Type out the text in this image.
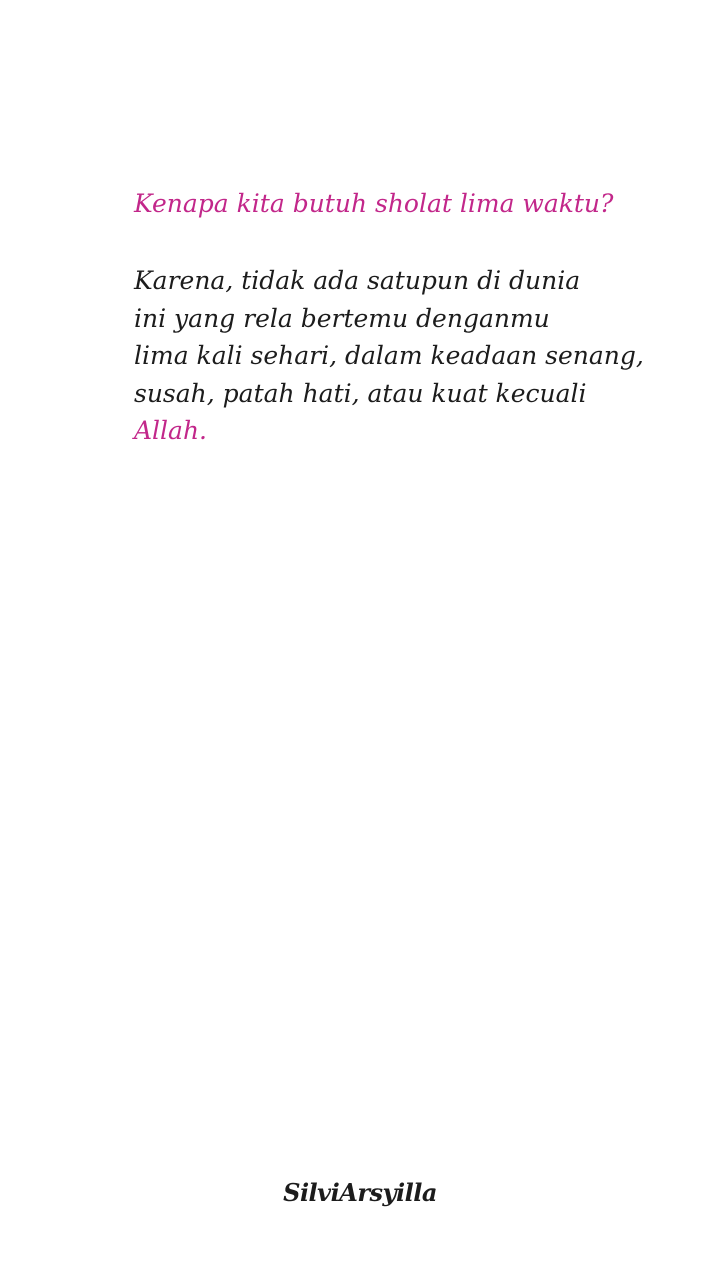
Kenapa kita butuh sholat lima waktu?

Karena, tidak ada satupun di dunia
ini yang rela bertemu denganmu
lima kali sehari, dalam keadaan senang,
susah, patah hati, atau kuat kecuali
Allah.
SilviArsyilla
